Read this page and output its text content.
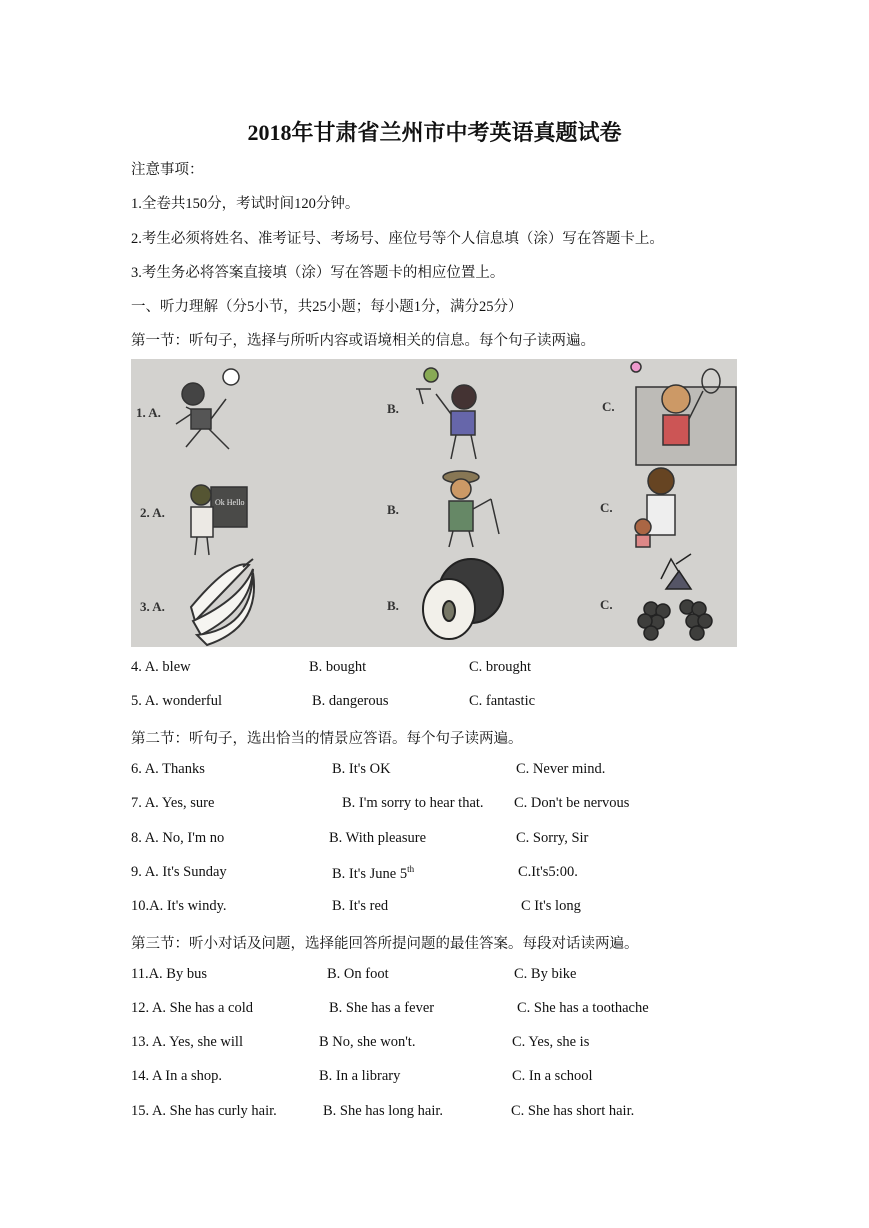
2018年甘肃省兰州市中考英语真题试卷
注意事项：
1.全卷共150分，考试时间120分钟。
2.考生必须将姓名、准考证号、考场号、座位号等个人信息填（涂）写在答题卡上。
3.考生务必将答案直接填（涂）写在答题卡的相应位置上。
一、听力理解（分5小节，共25小题；每小题1分，满分25分）
第一节：听句子，选择与所听内容或语境相关的信息。每个句子读两遍。
Ok Hello
1. A.	B.	C.
2. A.	B.	C.
3. A.	B.	C.
4. A. blew	B. bought	C. brought
5. A. wonderful	B. dangerous	C. fantastic
第二节：听句子，选出恰当的情景应答语。每个句子读两遍。
6. A. Thanks	B. It's OK	C. Never mind.
7. A. Yes, sure	B. I'm sorry to hear that. C. Don't be nervous
8. A. No, I'm no	B. With pleasure	C. Sorry, Sir
9. A. It's Sunday	B. It's June 5th	C.It's5:00.
10.A. It's windy.	B. It's red	C It's long
第三节：听小对话及问题，选择能回答所提问题的最佳答案。每段对话读两遍。
11.A. By bus	B. On foot	C. By bike
12. A. She has a cold	B. She has a fever	C. She has a toothache
13. A. Yes, she will	B No, she won't.	C. Yes, she is
14. A In a shop.	B. In a library	C. In a school
15. A. She has curly hair.	B. She has long hair.	C. She has short hair.
